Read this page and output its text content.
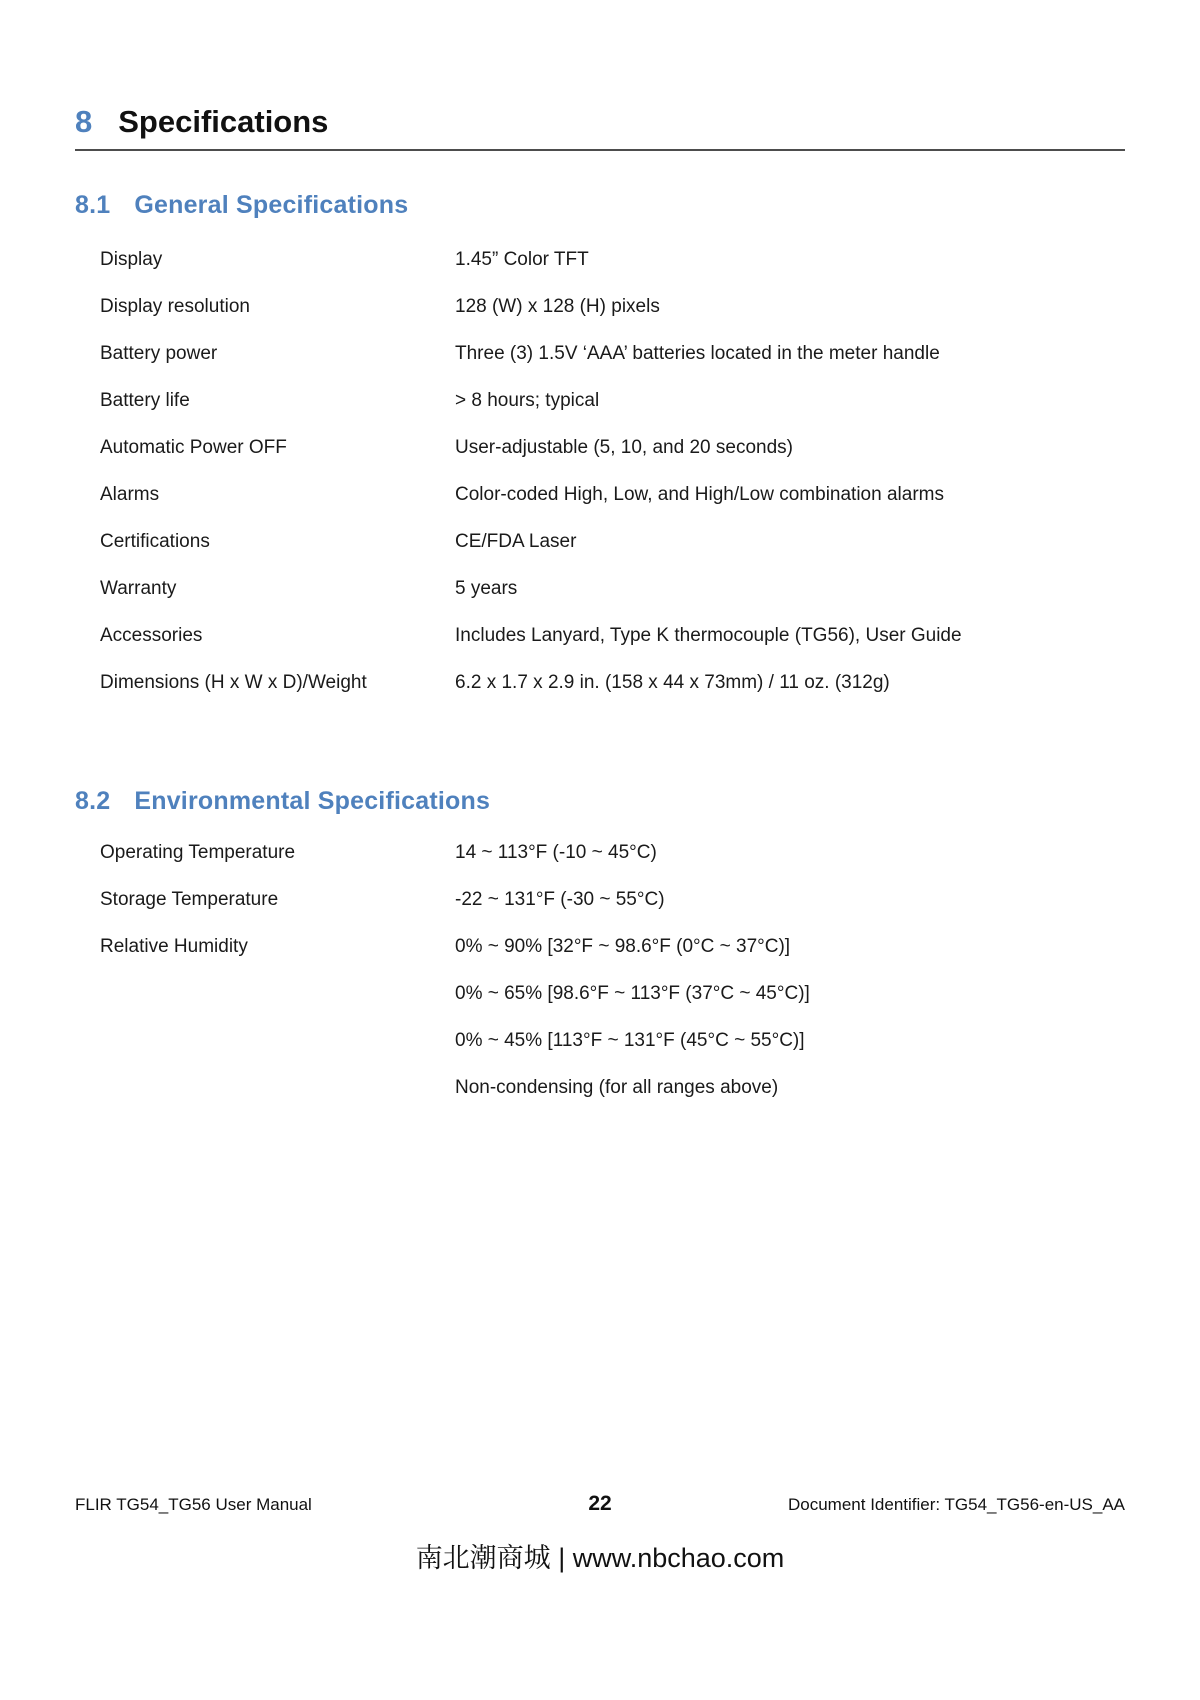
8 Specifications
8.1 General Specifications
Display	1.45” Color TFT
Display resolution	128 (W) x 128 (H) pixels
Battery power	Three (3) 1.5V ‘AAA’ batteries located in the meter handle
Battery life	> 8 hours; typical
Automatic Power OFF	User-adjustable (5, 10, and 20 seconds)
Alarms	Color-coded High, Low, and High/Low combination alarms
Certifications	CE/FDA Laser
Warranty	5 years
Accessories	Includes Lanyard, Type K thermocouple (TG56), User Guide
Dimensions (H x W x D)/Weight	6.2 x 1.7 x 2.9 in. (158 x 44 x 73mm) / 11 oz. (312g)
8.2 Environmental Specifications
Operating Temperature	14 ~ 113°F (-10 ~ 45°C)
Storage Temperature	-22 ~ 131°F (-30 ~ 55°C)
Relative Humidity	0% ~ 90% [32°F ~ 98.6°F (0°C ~ 37°C)]
0% ~ 65% [98.6°F ~ 113°F (37°C ~ 45°C)]
0% ~ 45% [113°F ~ 131°F (45°C ~ 55°C)]
Non-condensing (for all ranges above)
FLIR TG54_TG56 User Manual	22	Document Identifier: TG54_TG56-en-US_AA
南北潮商城 | www.nbchao.com
